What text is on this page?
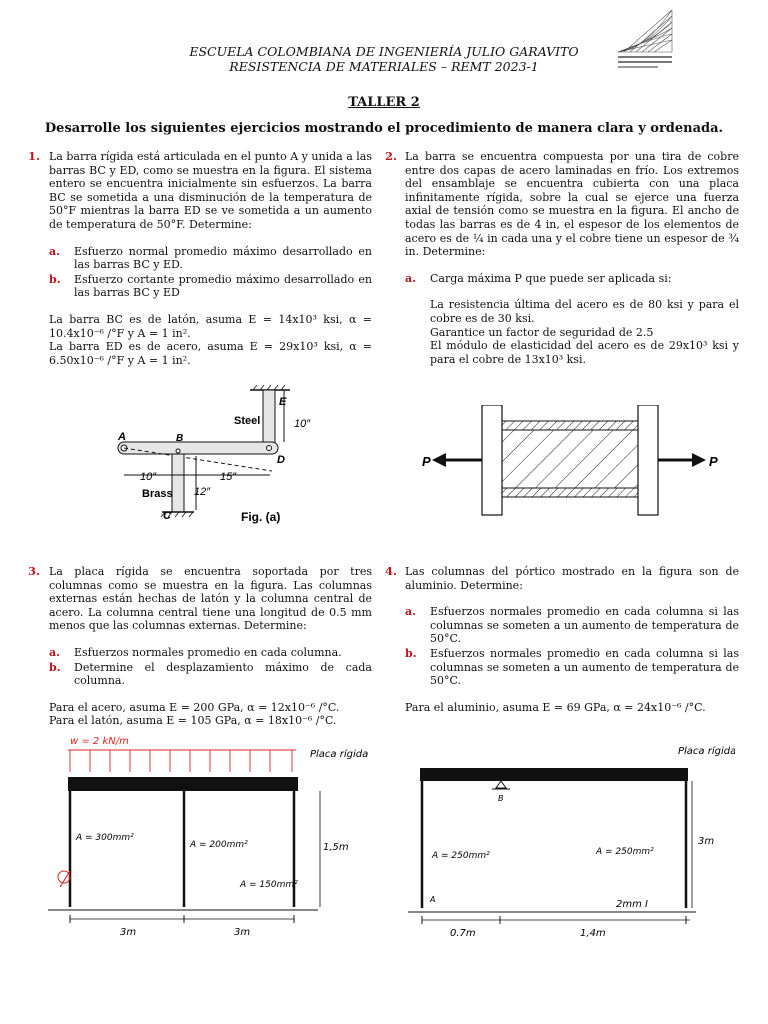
ESCUELA COLOMBIANA DE INGENIERÍA JULIO GARAVITO
RESISTENCIA DE MATERIALES – REMT 2023-1
TALLER 2
Desarrolle los siguientes ejercicios mostrando el procedimiento de manera clara y ordenada.
1. La barra rígida está articulada en el punto A y unida a las barras BC y ED, como se muestra en la figura. El sistema entero se encuentra inicialmente sin esfuerzos. La barra BC se sometida a una disminución de la temperatura de 50°F mientras la barra ED se ve sometida a un aumento de temperatura de 50°F. Determine:

a. Esfuerzo normal promedio máximo desarrollado en las barras BC y ED.
b. Esfuerzo cortante promedio máximo desarrollado en las barras BC y ED

La barra BC es de latón, asuma E = 14x10³ ksi, α = 10.4x10⁻⁶ /°F y A = 1 in².

La barra ED es de acero, asuma E = 29x10³ ksi, α = 6.50x10⁻⁶ /°F y A = 1 in².

Steel
Brass
A	B
C
D
E
10″	15″
10″
12″
Fig. (a)
2. La barra se encuentra compuesta por una tira de cobre entre dos capas de acero laminadas en frío. Los extremos del ensamblaje se encuentra cubierta con una placa infinitamente rígida, sobre la cual se ejerce una fuerza axial de tensión como se muestra en la figura. El ancho de todas las barras es de 4 in, el espesor de los elementos de acero es de ¼ in cada una y el cobre tiene un espesor de ¾ in. Determine:

a. Carga máxima P que puede ser aplicada si:

La resistencia última del acero es de 80 ksi y para el cobre es de 30 ksi.

Garantice un factor de seguridad de 2.5

El módulo de elasticidad del acero es de 29x10³ ksi y para el cobre de 13x10³ ksi.

P	P
3. La placa rígida se encuentra soportada por tres columnas como se muestra en la figura. Las columnas externas están hechas de latón y la columna central de acero. La columna central tiene una longitud de 0.5 mm menos que las columnas externas. Determine:

a. Esfuerzos normales promedio en cada columna.
b. Determine el desplazamiento máximo de cada columna.

Para el acero, asuma E = 200 GPa, α = 12x10⁻⁶ /°C.

Para el latón, asuma E = 105 GPa, α = 18x10⁻⁶ /°C.

w = 2 kN/m
Placa rígida
1,5m
A = 300mm²
A = 200mm²
A = 150mm²
3m	3m
4. Las columnas del pórtico mostrado en la figura son de aluminio. Determine:

a. Esfuerzos normales promedio en cada columna si las columnas se someten a un aumento de temperatura de 50°C.
b. Esfuerzos normales promedio en cada columna si las columnas se someten a un aumento de temperatura de 50°C.

Para el aluminio, asuma E = 69 GPa, α = 24x10⁻⁶ /°C.

Placa rígida
B
A = 250mm²	A = 250mm²
A	2mm I
3m
0.7m	1,4m
